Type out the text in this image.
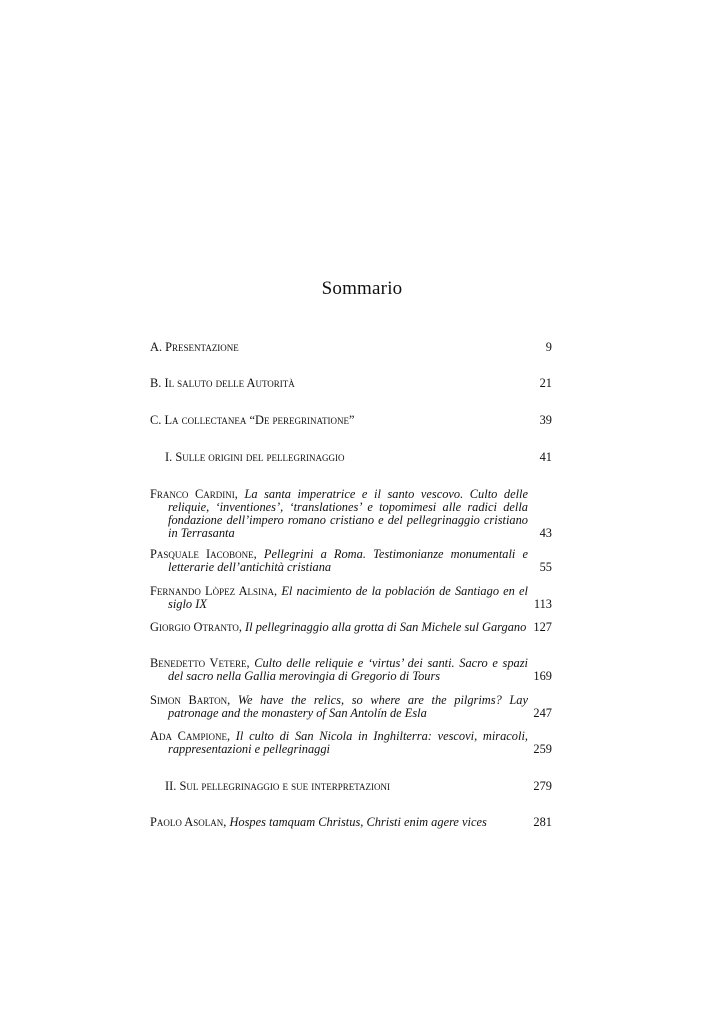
Sommario
A. Presentazione	9
B. Il saluto delle Autorità	21
C. La collectanea “De peregrinatione”	39
I. Sulle origini del pellegrinaggio	41
Franco Cardini, La santa imperatrice e il santo vescovo. Culto delle reliquie, ‘inventiones’, ‘translationes’ e topomimesi alle radici della fondazione dell’impero romano cristiano e del pellegrinaggio cristiano in Terrasanta	43
Pasquale Iacobone, Pellegrini a Roma. Testimonianze monumentali e letterarie dell’antichità cristiana	55
Fernando Lòpez Alsina, El nacimiento de la población de Santiago en el siglo IX	113
Giorgio Otranto, Il pellegrinaggio alla grotta di San Michele sul Gargano 127
Benedetto Vetere, Culto delle reliquie e ‘virtus’ dei santi. Sacro e spazi del sacro nella Gallia merovingia di Gregorio di Tours	169
Simon Barton, We have the relics, so where are the pilgrims? Lay patronage and the monastery of San Antolín de Esla	247
Ada Campione, Il culto di San Nicola in Inghilterra: vescovi, miracoli, rappresentazioni e pellegrinaggi	259
II. Sul pellegrinaggio e sue interpretazioni	279
Paolo Asolan, Hospes tamquam Christus, Christi enim agere vices	281
